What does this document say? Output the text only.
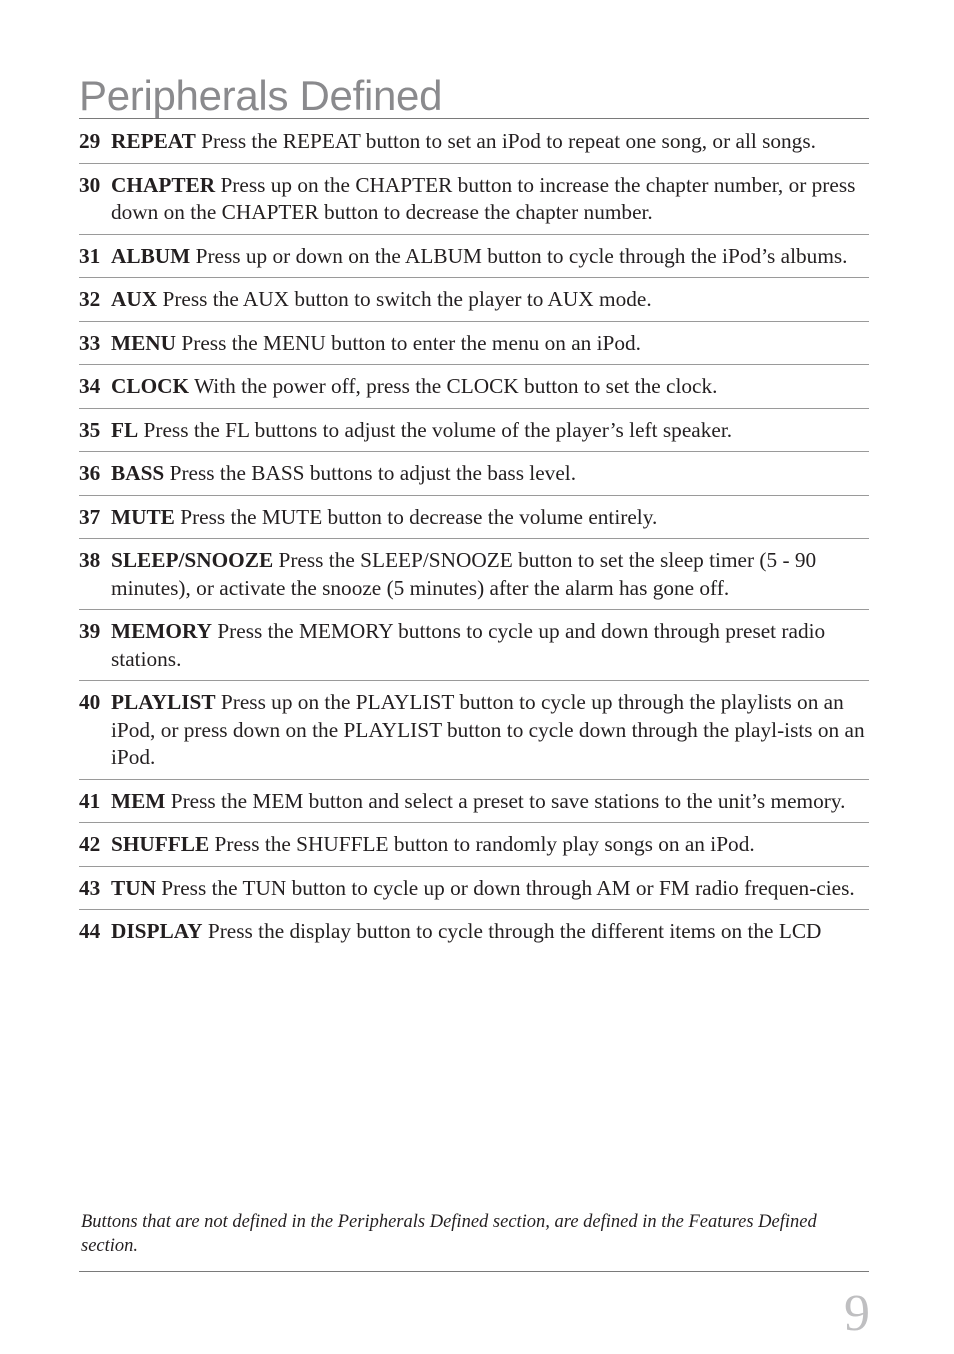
Peripherals Defined
29 REPEAT Press the REPEAT button to set an iPod to repeat one song, or all songs.
30 CHAPTER Press up on the CHAPTER button to increase the chapter number, or press down on the CHAPTER button to decrease the chapter number.
31 ALBUM Press up or down on the ALBUM button to cycle through the iPod’s albums.
32 AUX Press the AUX button to switch the player to AUX mode.
33 MENU Press the MENU button to enter the menu on an iPod.
34 CLOCK With the power off, press the CLOCK button to set the clock.
35 FL Press the FL buttons to adjust the volume of the player’s left speaker.
36 BASS Press the BASS buttons to adjust the bass level.
37 MUTE Press the MUTE button to decrease the volume entirely.
38 SLEEP/SNOOZE Press the SLEEP/SNOOZE button to set the sleep timer (5 - 90 minutes), or activate the snooze (5 minutes) after the alarm has gone off.
39 MEMORY Press the MEMORY buttons to cycle up and down through preset radio stations.
40 PLAYLIST Press up on the PLAYLIST button to cycle up through the playlists on an iPod, or press down on the PLAYLIST button to cycle down through the playl-ists on an iPod.
41 MEM Press the MEM button and select a preset to save stations to the unit’s memory.
42 SHUFFLE Press the SHUFFLE button to randomly play songs on an iPod.
43 TUN Press the TUN button to cycle up or down through AM or FM radio frequen-cies.
44 DISPLAY Press the display button to cycle through the different items on the LCD

Buttons that are not defined in the Peripherals Defined section, are defined in the Features Defined section.

9
